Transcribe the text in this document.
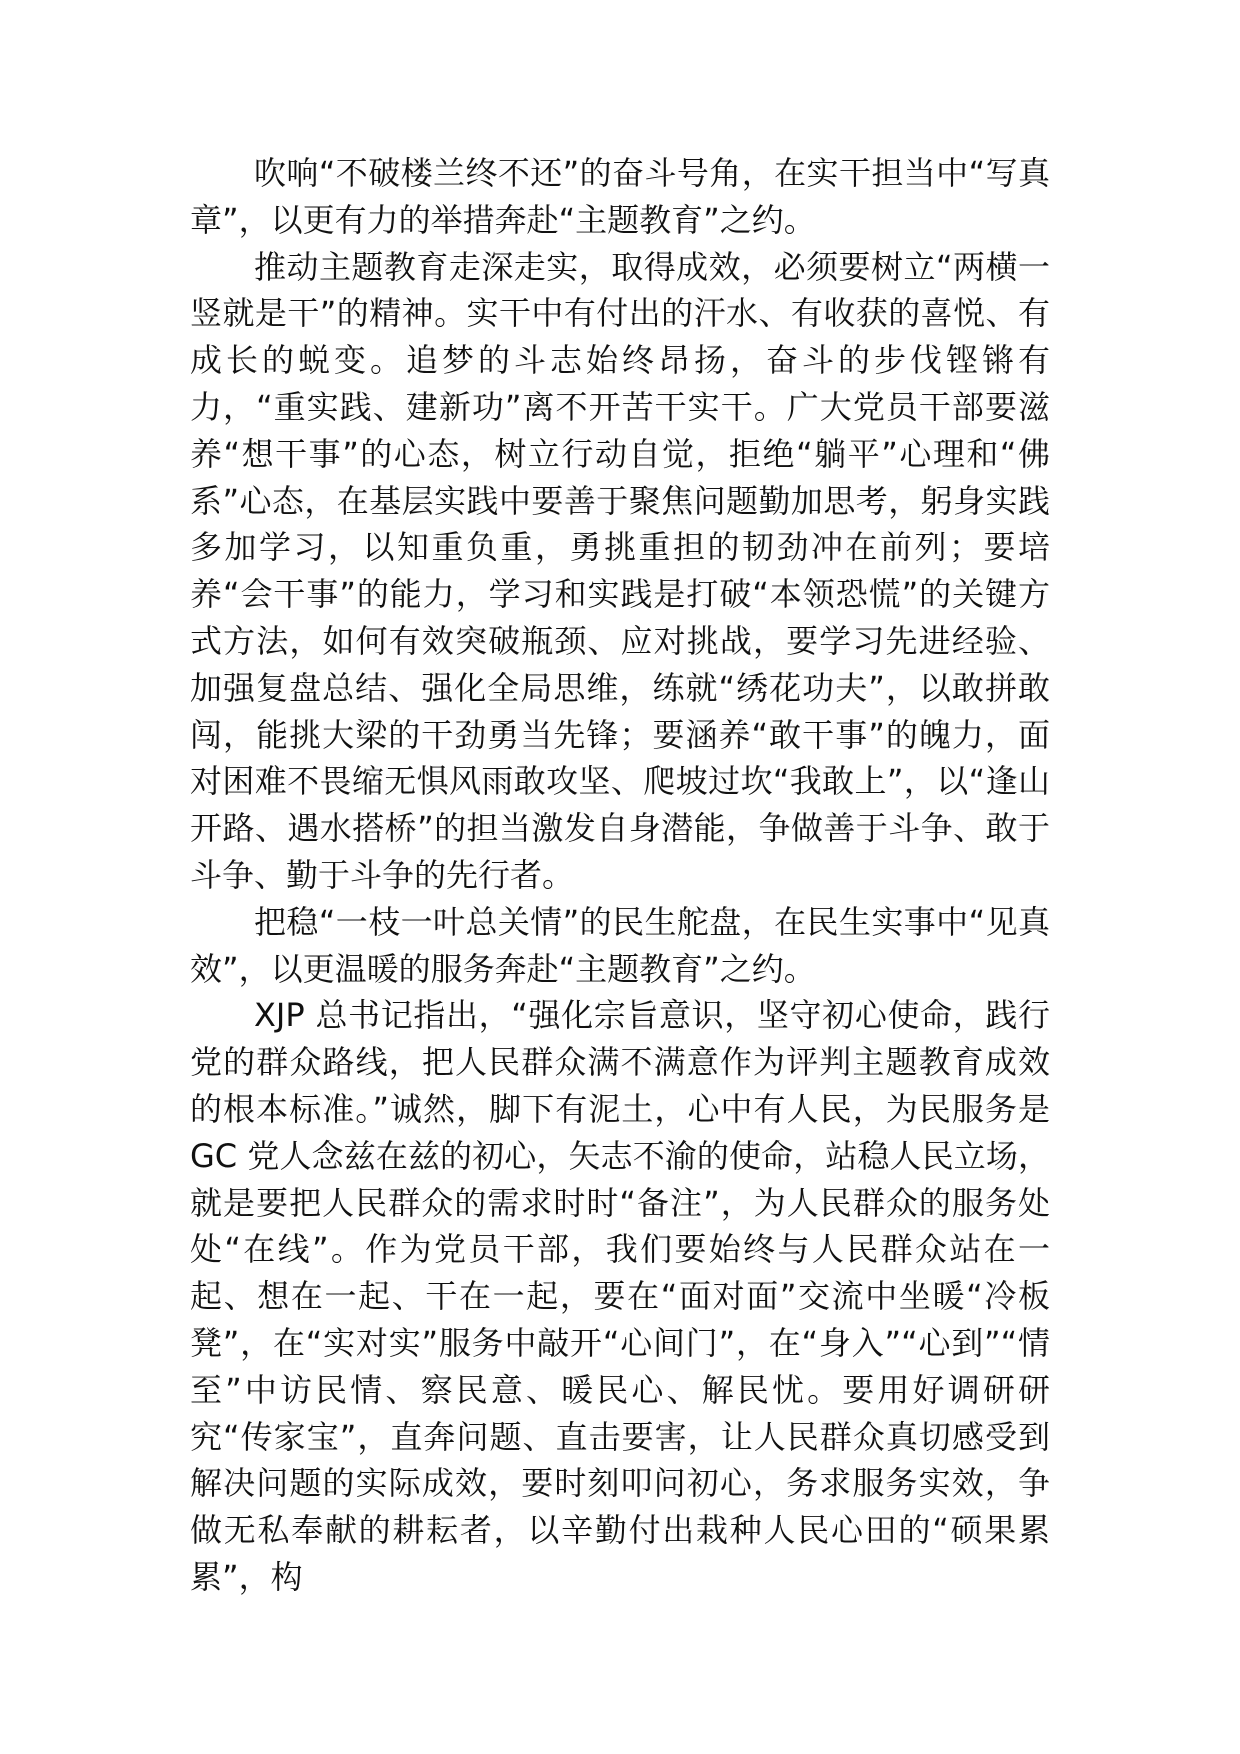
吹响“不破楼兰终不还”的奋斗号角，在实干担当中“写真章”，以更有力的举措奔赴“主题教育”之约。

推动主题教育走深走实，取得成效，必须要树立“两横一竖就是干”的精神。实干中有付出的汗水、有收获的喜悦、有成长的蜕变。追梦的斗志始终昂扬，奋斗的步伐铿锵有力，“重实践、建新功”离不开苦干实干。广大党员干部要滋养“想干事”的心态，树立行动自觉，拒绝“躺平”心理和“佛系”心态，在基层实践中要善于聚焦问题勤加思考，躬身实践多加学习，以知重负重，勇挑重担的韧劲冲在前列；要培养“会干事”的能力，学习和实践是打破“本领恐慌”的关键方式方法，如何有效突破瓶颈、应对挑战，要学习先进经验、加强复盘总结、强化全局思维，练就“绣花功夫”，以敢拼敢闯，能挑大梁的干劲勇当先锋；要涵养“敢干事”的魄力，面对困难不畏缩无惧风雨敢攻坚、爬坡过坎“我敢上”，以“逢山开路、遇水搭桥”的担当激发自身潜能，争做善于斗争、敢于斗争、勤于斗争的先行者。

把稳“一枝一叶总关情”的民生舵盘，在民生实事中“见真效”，以更温暖的服务奔赴“主题教育”之约。

XJP 总书记指出，“强化宗旨意识，坚守初心使命，践行党的群众路线，把人民群众满不满意作为评判主题教育成效的根本标准。”诚然，脚下有泥土，心中有人民，为民服务是 GC 党人念兹在兹的初心，矢志不渝的使命，站稳人民立场，就是要把人民群众的需求时时“备注”，为人民群众的服务处处“在线”。作为党员干部，我们要始终与人民群众站在一起、想在一起、干在一起，要在“面对面”交流中坐暖“冷板凳”，在“实对实”服务中敲开“心间门”，在“身入”“心到”“情至”中访民情、察民意、暖民心、解民忧。要用好调研研究“传家宝”，直奔问题、直击要害，让人民群众真切感受到解决问题的实际成效，要时刻叩问初心，务求服务实效，争做无私奉献的耕耘者，以辛勤付出栽种人民心田的“硕果累累”，构
